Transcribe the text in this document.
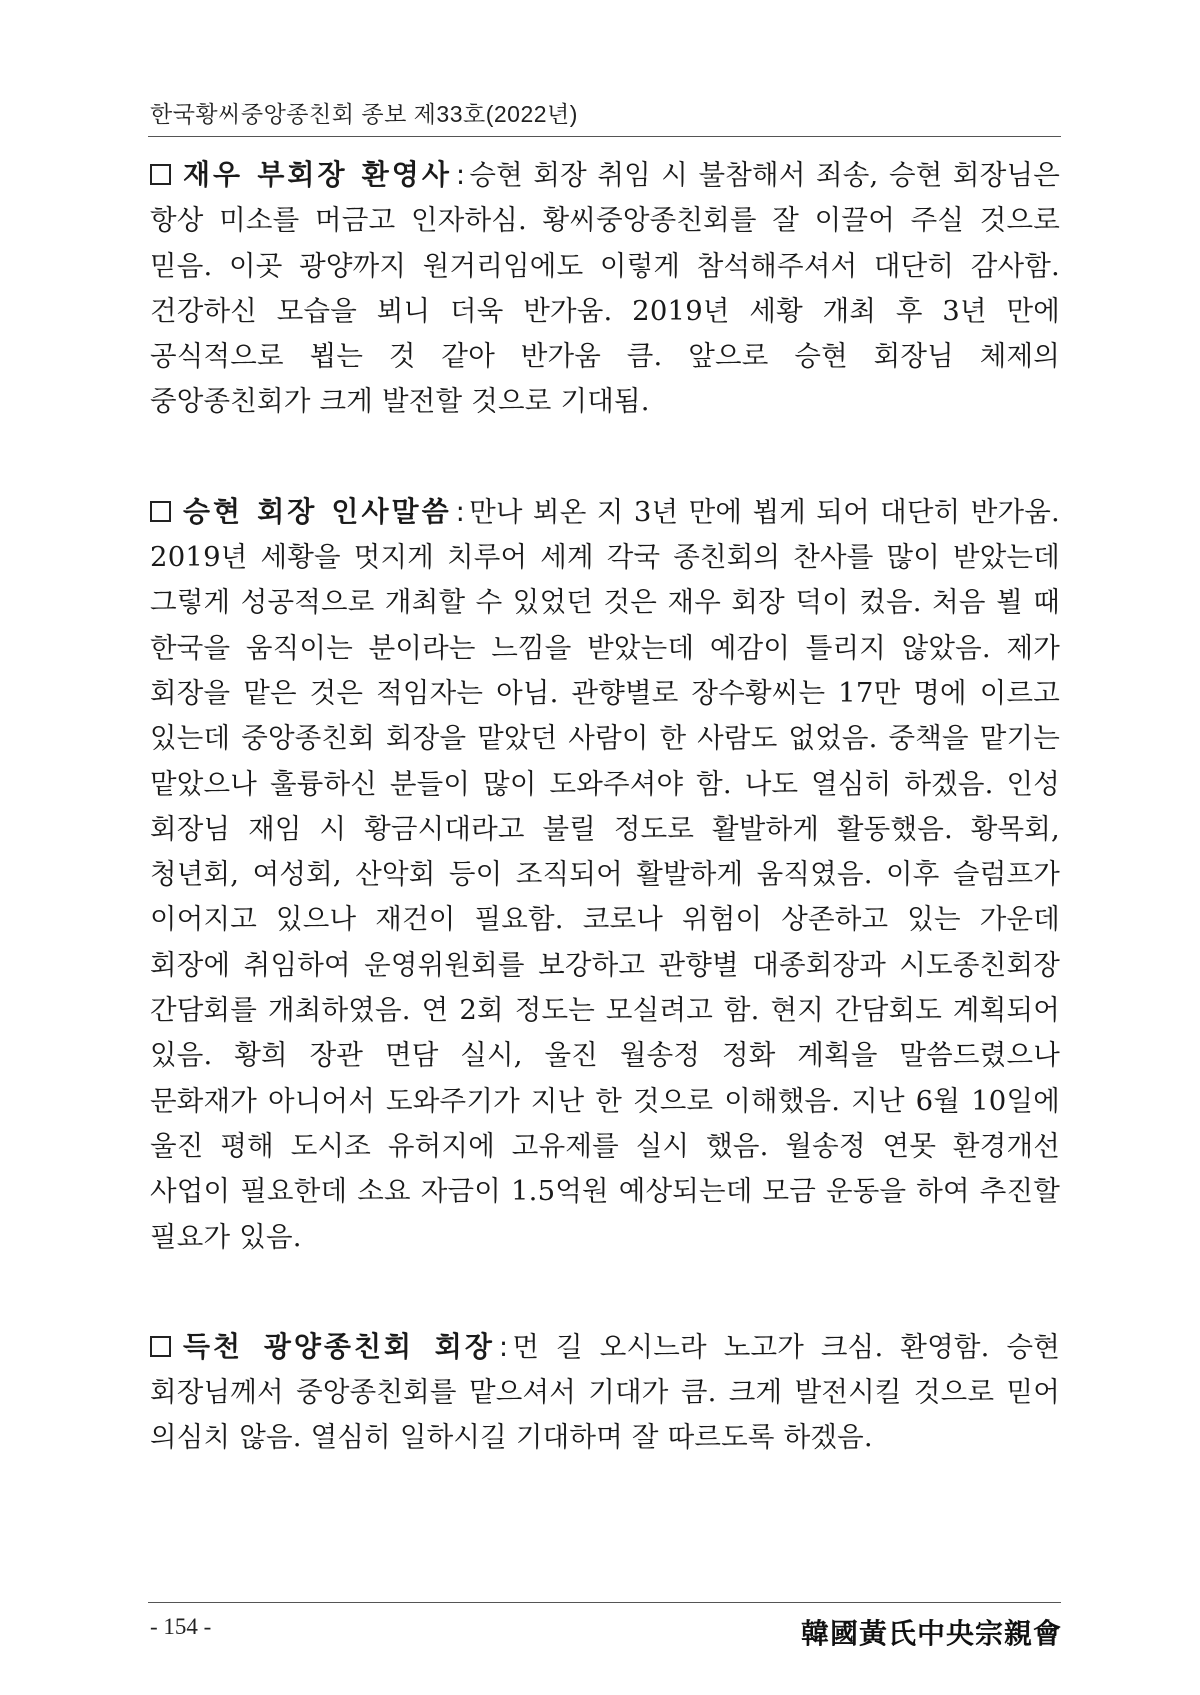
한국황씨중앙종친회 종보 제33호(2022년)

재우 부회장 환영사 : 승현 회장 취임 시 불참해서 죄송, 승현 회장님은 항상 미소를 머금고 인자하심. 황씨중앙종친회를 잘 이끌어 주실 것으로 믿음. 이곳 광양까지 원거리임에도 이렇게 참석해주셔서 대단히 감사함. 건강하신 모습을 뵈니 더욱 반가움. 2019년 세황 개최 후 3년 만에 공식적으로 뵙는 것 같아 반가움 큼. 앞으로 승현 회장님 체제의 중앙종친회가 크게 발전할 것으로 기대됨.

승현 회장 인사말씀 : 만나 뵈온 지 3년 만에 뵙게 되어 대단히 반가움. 2019년 세황을 멋지게 치루어 세계 각국 종친회의 찬사를 많이 받았는데 그렇게 성공적으로 개최할 수 있었던 것은 재우 회장 덕이 컸음. 처음 뵐 때 한국을 움직이는 분이라는 느낌을 받았는데 예감이 틀리지 않았음. 제가 회장을 맡은 것은 적임자는 아님. 관향별로 장수황씨는 17만 명에 이르고 있는데 중앙종친회 회장을 맡았던 사람이 한 사람도 없었음. 중책을 맡기는 맡았으나 훌륭하신 분들이 많이 도와주셔야 함. 나도 열심히 하겠음. 인성 회장님 재임 시 황금시대라고 불릴 정도로 활발하게 활동했음. 황목회, 청년회, 여성회, 산악회 등이 조직되어 활발하게 움직였음. 이후 슬럼프가 이어지고 있으나 재건이 필요함. 코로나 위험이 상존하고 있는 가운데 회장에 취임하여 운영위원회를 보강하고 관향별 대종회장과 시도종친회장 간담회를 개최하였음. 연 2회 정도는 모실려고 함. 현지 간담회도 계획되어 있음. 황희 장관 면담 실시, 울진 월송정 정화 계획을 말씀드렸으나 문화재가 아니어서 도와주기가 지난 한 것으로 이해했음. 지난 6월 10일에 울진 평해 도시조 유허지에 고유제를 실시 했음. 월송정 연못 환경개선 사업이 필요한데 소요 자금이 1.5억원 예상되는데 모금 운동을 하여 추진할 필요가 있음.

득천 광양종친회 회장 : 먼 길 오시느라 노고가 크심. 환영함. 승현 회장님께서 중앙종친회를 맡으셔서 기대가 큼. 크게 발전시킬 것으로 믿어 의심치 않음. 열심히 일하시길 기대하며 잘 따르도록 하겠음.

- 154 -	韓國黃氏中央宗親會
